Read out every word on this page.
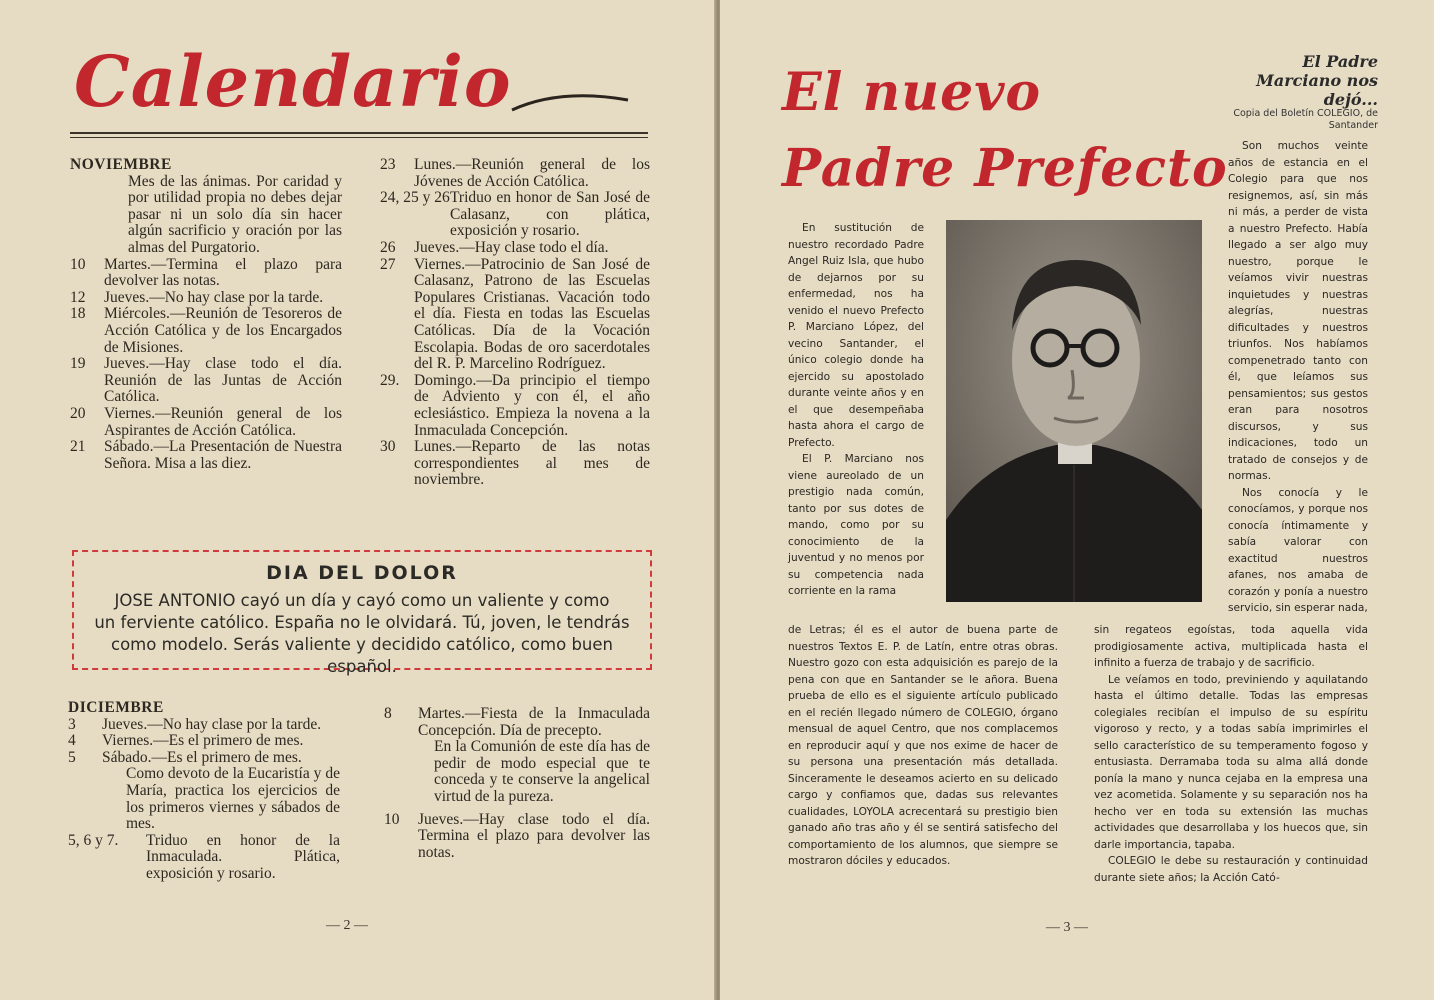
Calendario
NOVIEMBRE
Mes de las ánimas. Por caridad y por utilidad propia no debes dejar pasar ni un solo día sin hacer algún sacrificio y oración por las almas del Purgatorio.
10 Martes.—Termina el plazo para devolver las notas.
12 Jueves.—No hay clase por la tarde.
18 Miércoles.—Reunión de Tesoreros de Acción Católica y de los Encargados de Misiones.
19 Jueves.—Hay clase todo el día. Reunión de las Juntas de Acción Católica.
20 Viernes.—Reunión general de los Aspirantes de Acción Católica.
21 Sábado.—La Presentación de Nuestra Señora. Misa a las diez.
23 Lunes.—Reunión general de los Jóvenes de Acción Católica.
24, 25 y 26 Triduo en honor de San José de Calasanz, con plática, exposición y rosario.
26 Jueves.—Hay clase todo el día.
27 Viernes.—Patrocinio de San José de Calasanz, Patrono de las Escuelas Populares Cristianas. Vacación todo el día. Fiesta en todas las Escuelas Católicas. Día de la Vocación Escolapia. Bodas de oro sacerdotales del R. P. Marcelino Rodríguez.
29. Domingo.—Da principio el tiempo de Adviento y con él, el año eclesiástico. Empieza la novena a la Inmaculada Concepción.
30 Lunes.—Reparto de las notas correspondientes al mes de noviembre.
DIA DEL DOLOR

JOSE ANTONIO cayó un día y cayó como un valiente y como

un ferviente católico. España no le olvidará. Tú, joven, le tendrás

como modelo. Serás valiente y decidido católico, como buen español.

DICIEMBRE
3 Jueves.—No hay clase por la tarde.
4 Viernes.—Es el primero de mes.
5 Sábado.—Es el primero de mes.
Como devoto de la Eucaristía y de María, practica los ejercicios de los primeros viernes y sábados de mes.
5, 6 y 7. Triduo en honor de la Inmaculada. Plática, exposición y rosario.
8 Martes.—Fiesta de la Inmaculada Concepción. Día de precepto.
En la Comunión de este día has de pedir de modo especial que te conceda y te conserve la angelical virtud de la pureza.
10 Jueves.—Hay clase todo el día. Termina el plazo para devolver las notas.
— 2 —
El nuevo
Padre Prefecto
El Padre Marciano nos dejó...
Copia del Boletín COLEGIO, de Santander

En sustitución de nuestro recordado Padre Angel Ruiz Isla, que hubo de dejarnos por su enfermedad, nos ha venido el nuevo Prefecto P. Marciano López, del vecino Santander, el único colegio donde ha ejercido su apostolado durante veinte años y en el que desempeñaba hasta ahora el cargo de Prefecto.

El P. Marciano nos viene aureolado de un prestigio nada común, tanto por sus dotes de mando, como por su conocimiento de la juventud y no menos por su competencia nada corriente en la rama

de Letras; él es el autor de buena parte de nuestros Textos E. P. de Latín, entre otras obras. Nuestro gozo con esta adquisición es parejo de la pena con que en Santander se le añora. Buena prueba de ello es el siguiente artículo publicado en el recién llegado número de COLEGIO, órgano mensual de aquel Centro, que nos complacemos en reproducir aquí y que nos exime de hacer de su persona una presentación más detallada. Sinceramente le deseamos acierto en su delicado cargo y confiamos que, dadas sus relevantes cualidades, LOYOLA acrecentará su prestigio bien ganado año tras año y él se sentirá satisfecho del comportamiento de los alumnos, que siempre se mostraron dóciles y educados.

Son muchos veinte años de estancia en el Colegio para que nos resignemos, así, sin más ni más, a perder de vista a nuestro Prefecto. Había llegado a ser algo muy nuestro, porque le veíamos vivir nuestras inquietudes y nuestras alegrías, nuestras dificultades y nuestros triunfos. Nos habíamos compenetrado tanto con él, que leíamos sus pensamientos; sus gestos eran para nosotros discursos, y sus indicaciones, todo un tratado de consejos y de normas.

Nos conocía y le conocíamos, y porque nos conocía íntimamente y sabía valorar con exactitud nuestros afanes, nos amaba de corazón y ponía a nuestro servicio, sin esperar nada,

sin regateos egoístas, toda aquella vida prodigiosamente activa, multiplicada hasta el infinito a fuerza de trabajo y de sacrificio.

Le veíamos en todo, previniendo y aquilatando hasta el último detalle. Todas las empresas colegiales recibían el impulso de su espíritu vigoroso y recto, y a todas sabía imprimirles el sello característico de su temperamento fogoso y entusiasta. Derramaba toda su alma allá donde ponía la mano y nunca cejaba en la empresa una vez acometida. Solamente y su separación nos ha hecho ver en toda su extensión las muchas actividades que desarrollaba y los huecos que, sin darle importancia, tapaba.

COLEGIO le debe su restauración y continuidad durante siete años; la Acción Cató-

— 3 —
